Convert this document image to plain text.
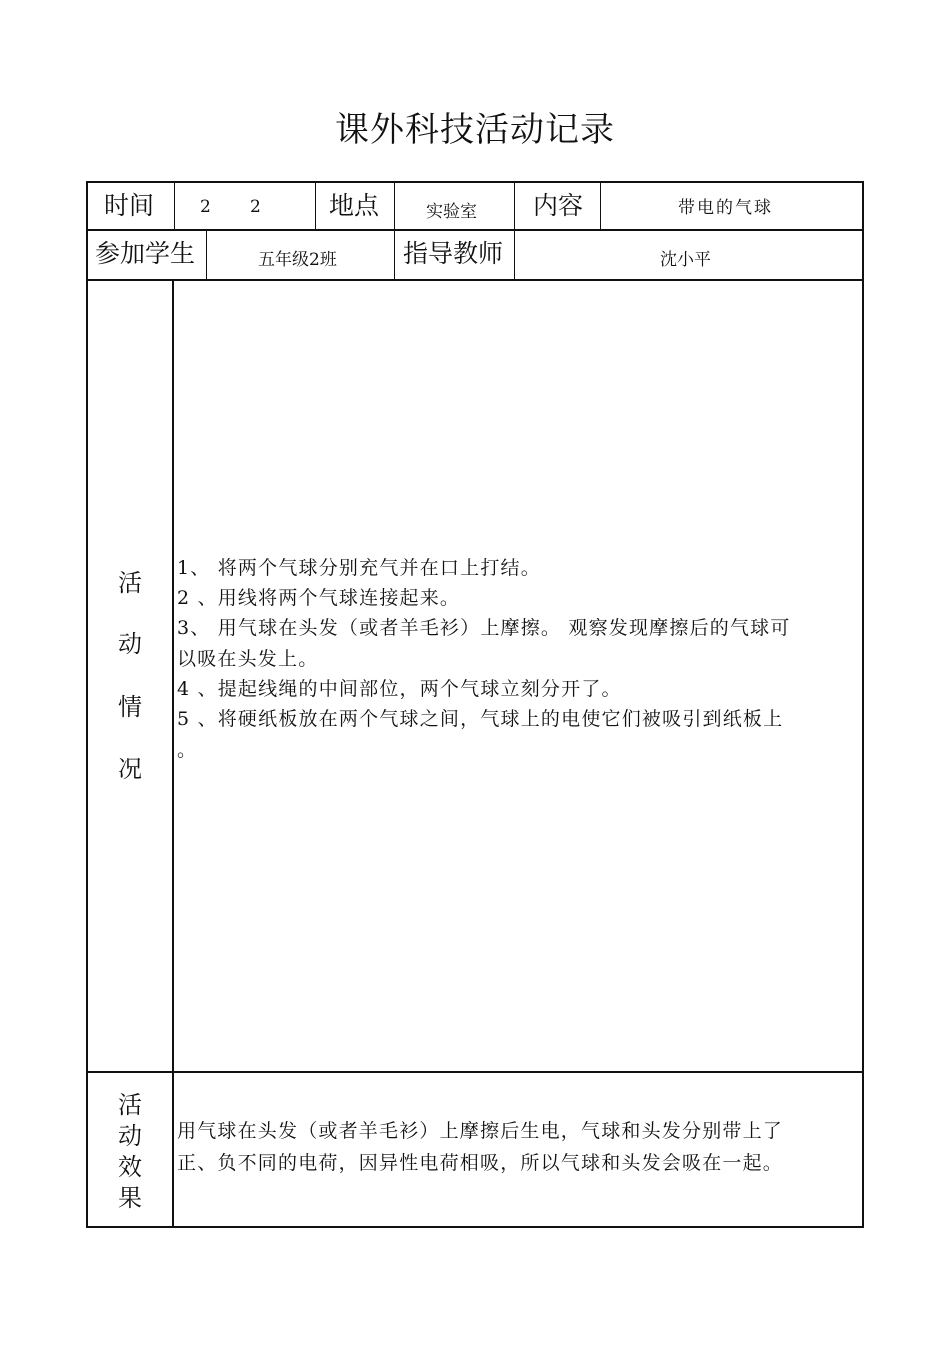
课外科技活动记录
时间	2 2	地点	实验室 内容	带电的气球
参加学生	五年级2班	指导教师	沈小平
活
动
情
况
1、 将两个气球分别充气并在口上打结。
2 、用线将两个气球连接起来。
3、 用气球在头发（或者羊毛衫）上摩擦。 观察发现摩擦后的气球可
以吸在头发上。
4 、提起线绳的中间部位，两个气球立刻分开了。
5 、将硬纸板放在两个气球之间，气球上的电使它们被吸引到纸板上
。
活
动
效
果
用气球在头发（或者羊毛衫）上摩擦后生电，气球和头发分别带上了
正、负不同的电荷，因异性电荷相吸，所以气球和头发会吸在一起。
